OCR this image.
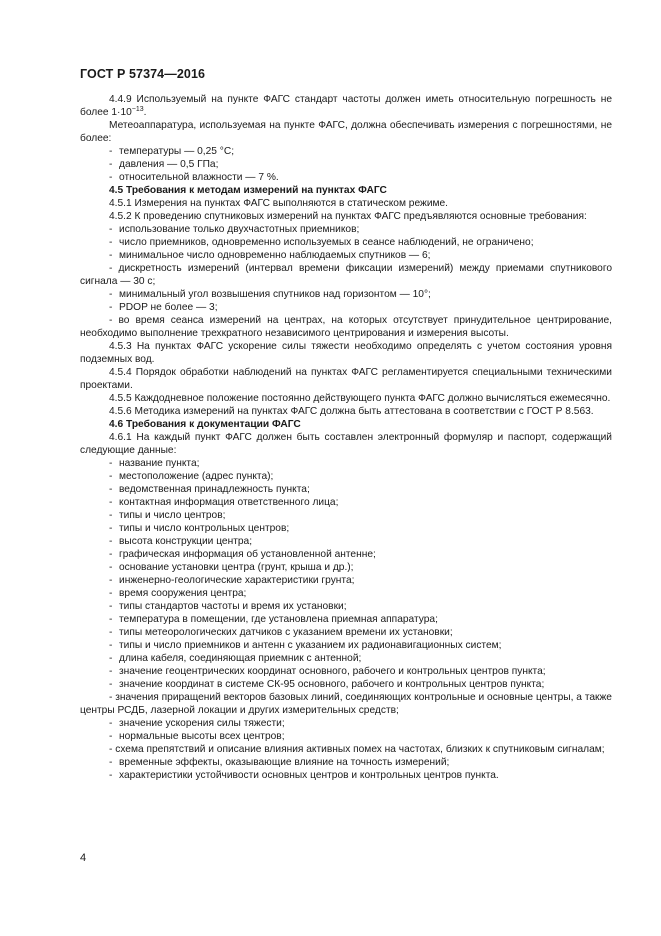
ГОСТ Р 57374—2016

4.4.9 Используемый на пункте ФАГС стандарт частоты должен иметь относительную погрешность не более $1\cdot 10^{-13}$.

Метеоаппаратура, используемая на пункте ФАГС, должна обеспечивать измерения с погрешностями, не более:

- температуры — 0,25 °С;
- давления — 0,5 ГПа;
- относительной влажности — 7 %.

4.5 Требования к методам измерений на пунктах ФАГС

4.5.1 Измерения на пунктах ФАГС выполняются в статическом режиме.

4.5.2 К проведению спутниковых измерений на пунктах ФАГС предъявляются основные требования:

- использование только двухчастотных приемников;
- число приемников, одновременно используемых в сеансе наблюдений, не ограничено;
- минимальное число одновременно наблюдаемых спутников — 6;
- дискретность измерений (интервал времени фиксации измерений) между приемами спутникового сигнала — 30 с;
- минимальный угол возвышения спутников над горизонтом — 10°;
- PDOP не более — 3;
- во время сеанса измерений на центрах, на которых отсутствует принудительное центрирование, необходимо выполнение трехкратного независимого центрирования и измерения высоты.

4.5.3 На пунктах ФАГС ускорение силы тяжести необходимо определять с учетом состояния уровня подземных вод.

4.5.4 Порядок обработки наблюдений на пунктах ФАГС регламентируется специальными техническими проектами.

4.5.5 Каждодневное положение постоянно действующего пункта ФАГС должно вычисляться ежемесячно.

4.5.6 Методика измерений на пунктах ФАГС должна быть аттестована в соответствии с ГОСТ Р 8.563.

4.6 Требования к документации ФАГС

4.6.1 На каждый пункт ФАГС должен быть составлен электронный формуляр и паспорт, содержащий следующие данные:

- название пункта;
- местоположение (адрес пункта);
- ведомственная принадлежность пункта;
- контактная информация ответственного лица;
- типы и число центров;
- типы и число контрольных центров;
- высота конструкции центра;
- графическая информация об установленной антенне;
- основание установки центра (грунт, крыша и др.);
- инженерно-геологические характеристики грунта;
- время сооружения центра;
- типы стандартов частоты и время их установки;
- температура в помещении, где установлена приемная аппаратура;
- типы метеорологических датчиков с указанием времени их установки;
- типы и число приемников и антенн с указанием их радионавигационных систем;
- длина кабеля, соединяющая приемник с антенной;
- значение геоцентрических координат основного, рабочего и контрольных центров пункта;
- значение координат в системе СК-95 основного, рабочего и контрольных центров пункта;
- значения приращений векторов базовых линий, соединяющих контрольные и основные центры, а также центры РСДБ, лазерной локации и других измерительных средств;
- значение ускорения силы тяжести;
- нормальные высоты всех центров;
- схема препятствий и описание влияния активных помех на частотах, близких к спутниковым сигналам;
- временные эффекты, оказывающие влияние на точность измерений;
- характеристики устойчивости основных центров и контрольных центров пункта.
4
